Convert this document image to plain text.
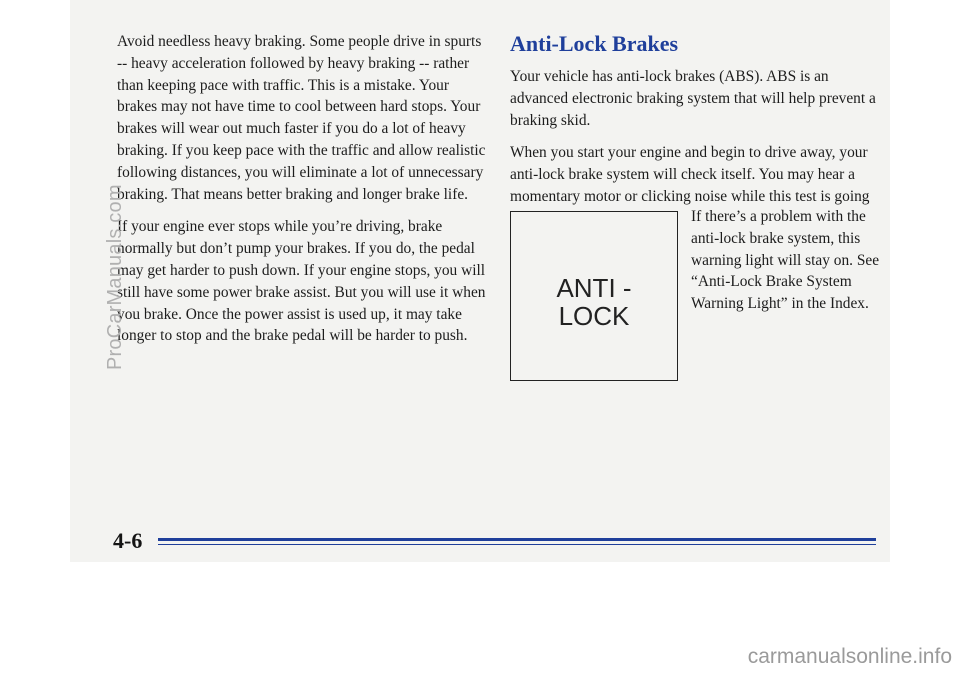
Avoid needless heavy braking. Some people drive in spurts -- heavy acceleration followed by heavy braking -- rather than keeping pace with traffic. This is a mistake. Your brakes may not have time to cool between hard stops. Your brakes will wear out much faster if you do a lot of heavy braking. If you keep pace with the traffic and allow realistic following distances, you will eliminate a lot of unnecessary braking. That means better braking and longer brake life.

If your engine ever stops while you’re driving, brake normally but don’t pump your brakes. If you do, the pedal may get harder to push down. If your engine stops, you will still have some power brake assist. But you will use it when you brake. Once the power assist is used up, it may take longer to stop and the brake pedal will be harder to push.

Anti-Lock Brakes

Your vehicle has anti-lock brakes (ABS). ABS is an advanced electronic braking system that will help prevent a braking skid.

When you start your engine and begin to drive away, your anti-lock brake system will check itself. You may hear a momentary motor or clicking noise while this test is going

ANTI -
LOCK

If there’s a problem with the anti-lock brake system, this warning light will stay on. See “Anti-Lock Brake System Warning Light” in the Index.

4-6
ProCarManuals.com
carmanualsonline.info
